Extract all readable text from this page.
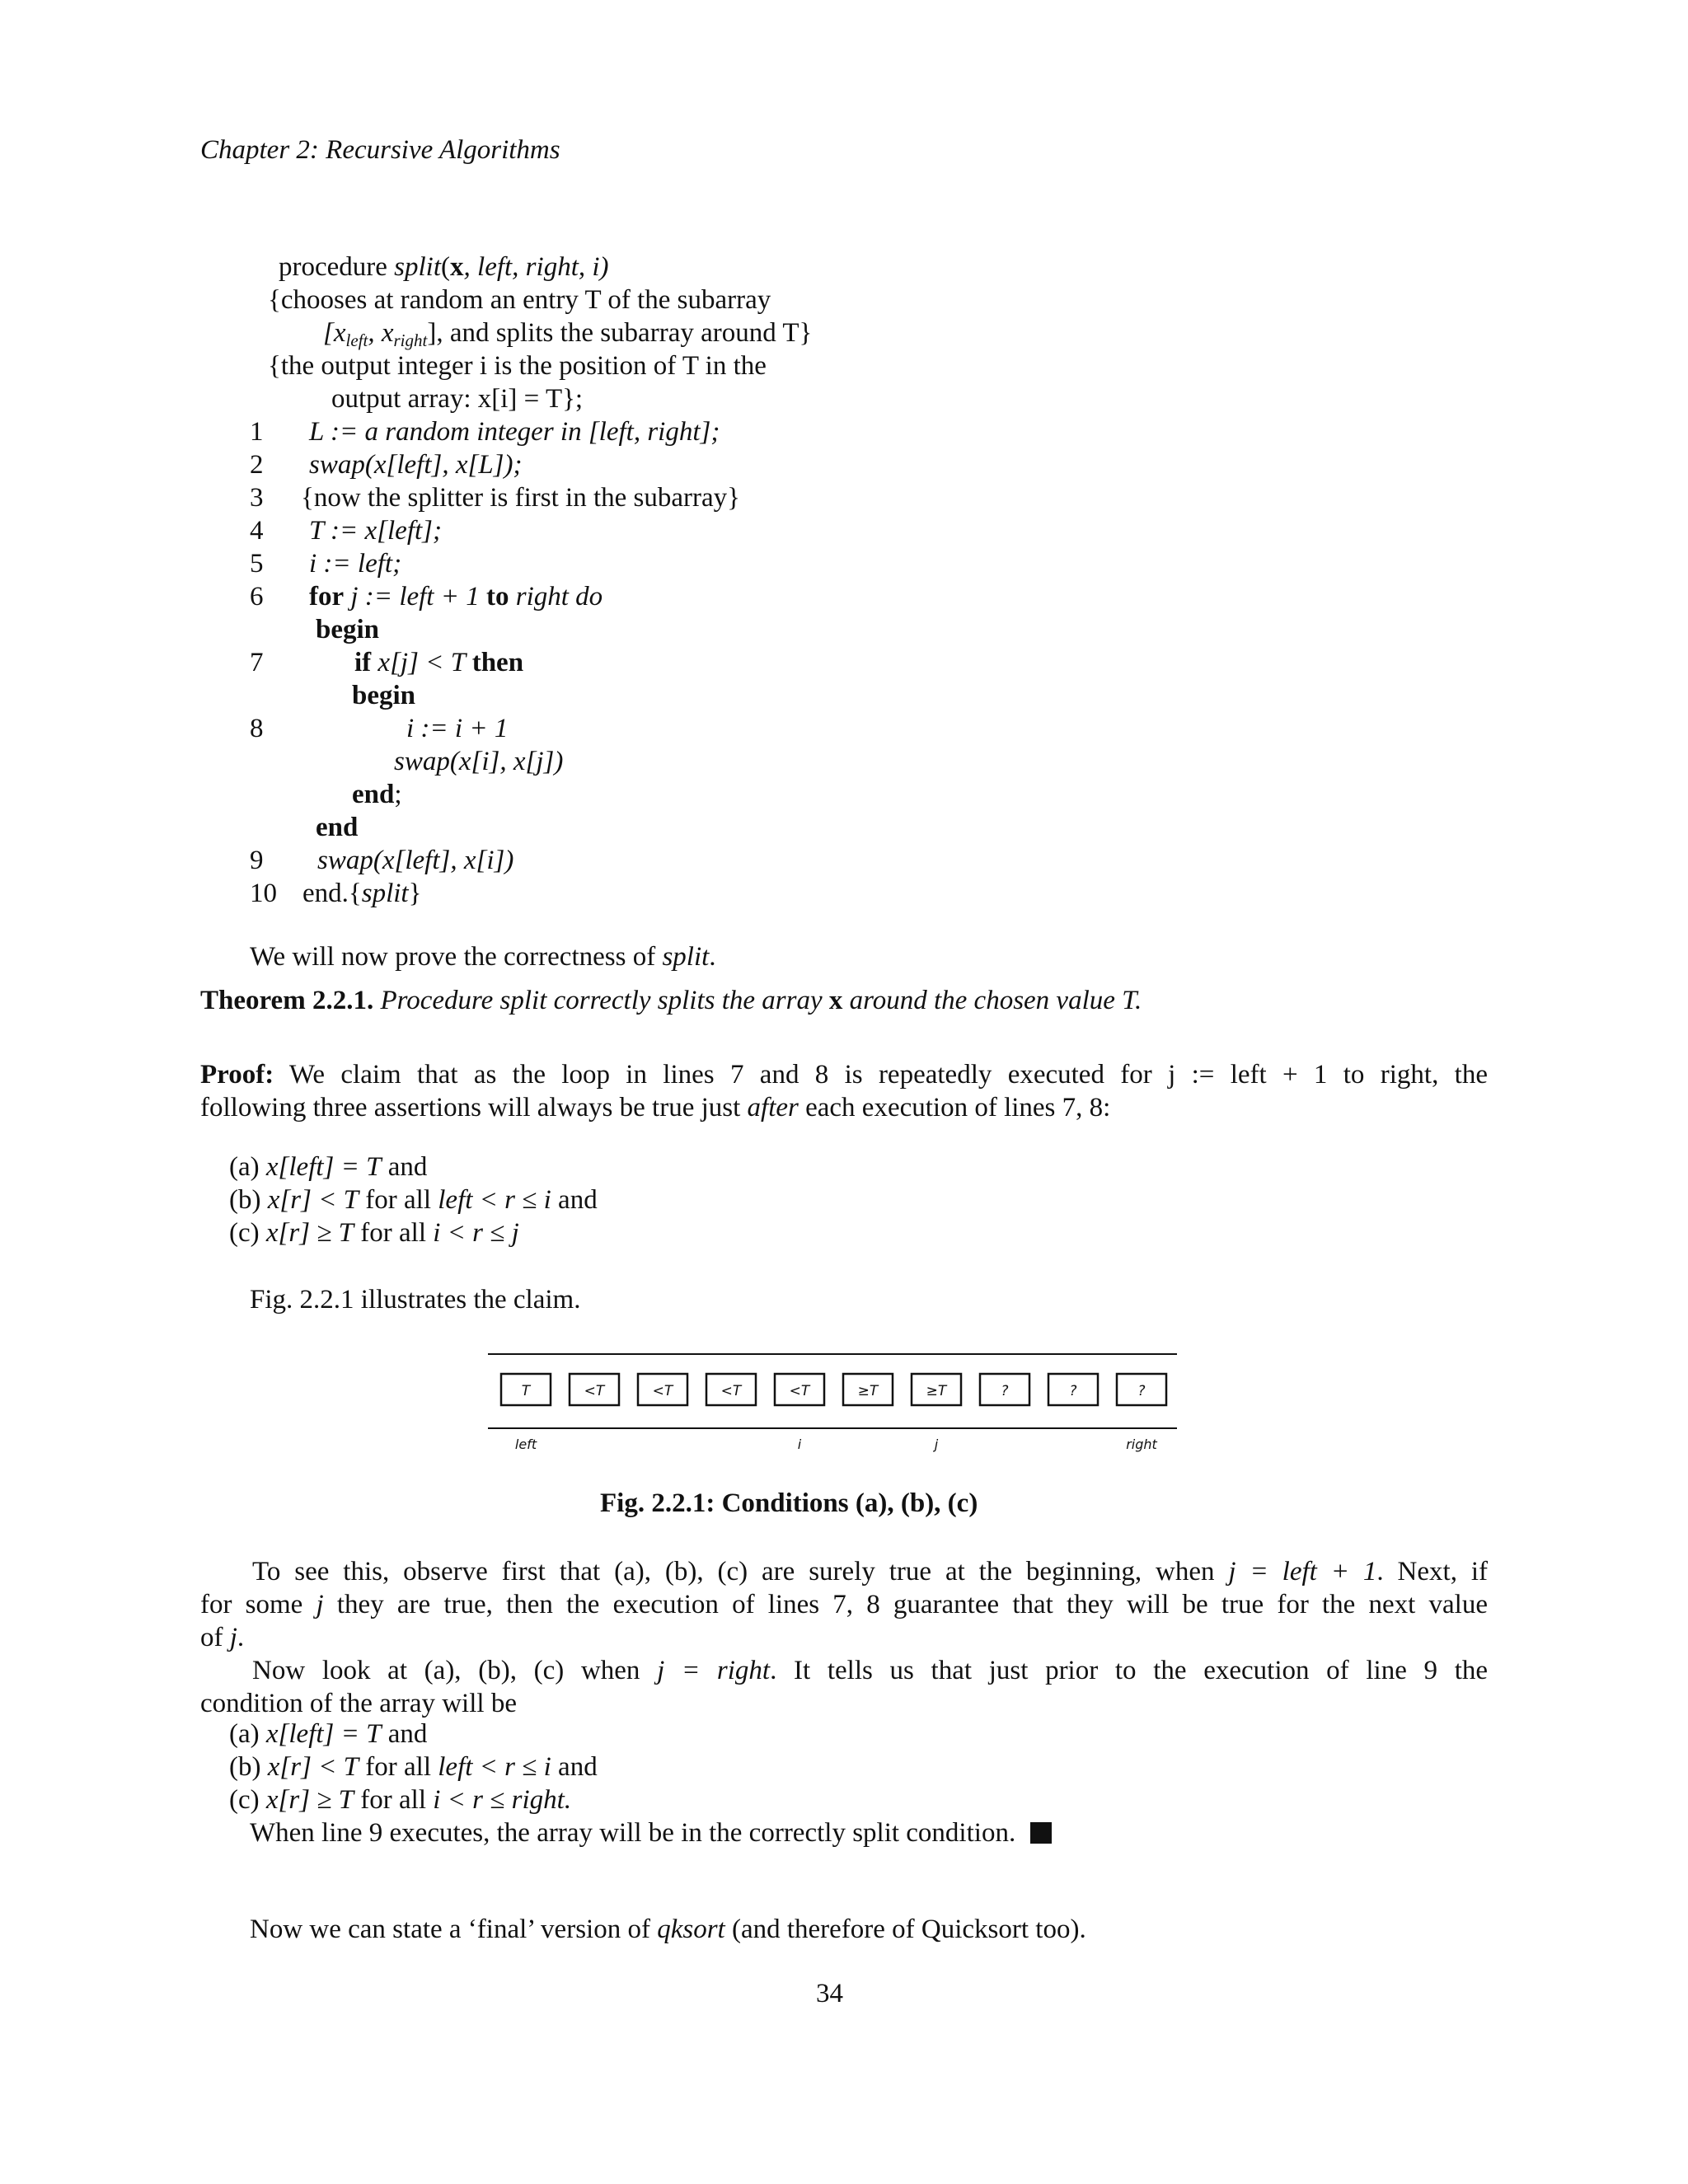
Chapter 2: Recursive Algorithms
procedure split(x, left, right, i)
{chooses at random an entry T of the subarray
[$x_{left}$, $x_{right}$], and splits the subarray around T}
{the output integer i is the position of T in the
output array: x[i] = T};
1 L := a random integer in [left, right];
2 swap(x[left], x[L]);
3 {now the splitter is first in the subarray}
4 T := x[left];
5 i := left;
6 for j := left + 1 to right do
begin
7	if x[j] < T then
begin
8	i := i + 1
swap(x[i], x[j])
end;
end
9 swap(x[left], x[i])
10 end.{split}
We will now prove the correctness of split.
Theorem 2.2.1. Procedure split correctly splits the array x around the chosen value T.
Proof: We claim that as the loop in lines 7 and 8 is repeatedly executed for j := left + 1 to right, the
following three assertions will always be true just after each execution of lines 7, 8:
(a) x[left] = T and
(b) x[r] < T for all left < r ≤ i and
(c) x[r] ≥ T for all i < r ≤ j
Fig. 2.2.1 illustrates the claim.
T	<T	<T	<T	<T	≥T	≥T	?	?	?
left	i	j	right
Fig. 2.2.1: Conditions (a), (b), (c)
To see this, observe first that (a), (b), (c) are surely true at the beginning, when j = left + 1. Next, if
for some j they are true, then the execution of lines 7, 8 guarantee that they will be true for the next value
of j.
Now look at (a), (b), (c) when j = right. It tells us that just prior to the execution of line 9 the
condition of the array will be
(a) x[left] = T and
(b) x[r] < T for all left < r ≤ i and
(c) x[r] ≥ T for all i < r ≤ right.
When line 9 executes, the array will be in the correctly split condition.
Now we can state a ‘final’ version of qksort (and therefore of Quicksort too).
34
